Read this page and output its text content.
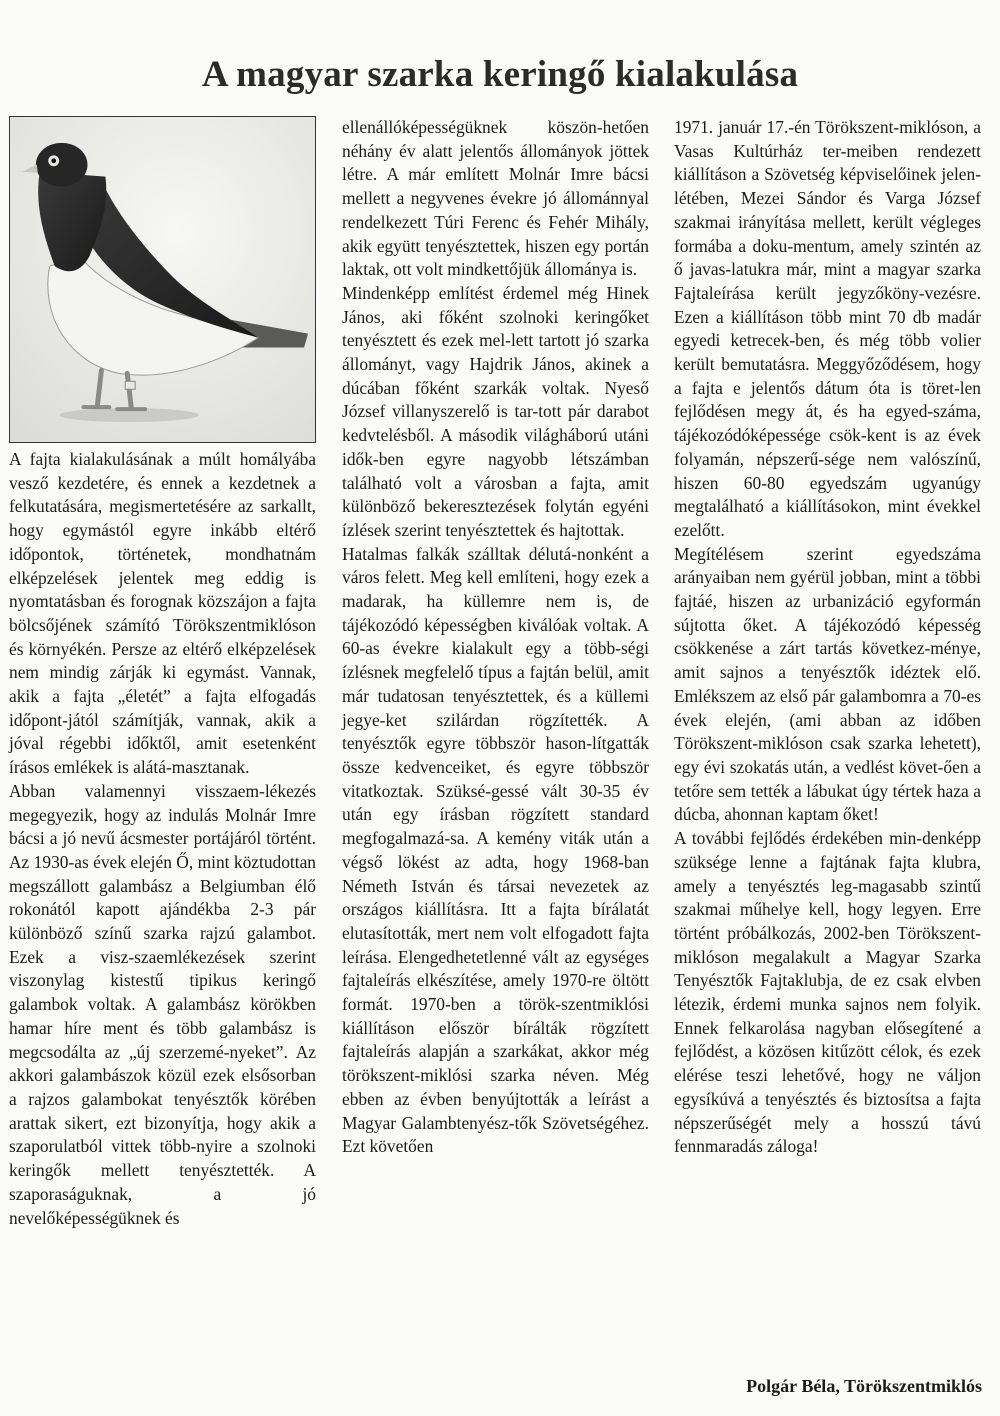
A magyar szarka keringő kialakulása

A fajta kialakulásának a múlt homályába vesző kezdetére, és ennek a kezdetnek a felkutatására, megismertetésére az sarkallt, hogy egymástól egyre inkább eltérő időpontok, történetek, mondhatnám elképzelések jelentek meg eddig is nyomtatásban és forognak közszájon a fajta bölcsőjének számító Törökszentmiklóson és környékén. Persze az eltérő elképzelések nem mindig zárják ki egymást. Vannak, akik a fajta „életét” a fajta elfogadás időpont-jától számítják, vannak, akik a jóval régebbi időktől, amit esetenként írásos emlékek is alátá-masztanak.

Abban valamennyi visszaem-lékezés megegyezik, hogy az indulás Molnár Imre bácsi a jó nevű ácsmester portájáról történt. Az 1930-as évek elején Ő, mint köztudottan megszállott galambász a Belgiumban élő rokonától kapott ajándékba 2-3 pár különböző színű szarka rajzú galambot. Ezek a visz-szaemlékezések szerint viszonylag kistestű tipikus keringő galambok voltak. A galambász körökben hamar híre ment és több galambász is megcsodálta az „új szerzemé-nyeket”. Az akkori galambászok közül ezek elsősorban a rajzos galambokat tenyésztők körében arattak sikert, ezt bizonyítja, hogy akik a szaporulatból vittek több-nyire a szolnoki keringők mellett tenyésztették. A szaporaságuknak, a jó nevelőképességüknek és

ellenállóképességüknek köszön-hetően néhány év alatt jelentős állományok jöttek létre. A már említett Molnár Imre bácsi mellett a negyvenes évekre jó állománnyal rendelkezett Túri Ferenc és Fehér Mihály, akik együtt tenyésztettek, hiszen egy portán laktak, ott volt mindkettőjük állománya is.

Mindenképp említést érdemel még Hinek János, aki főként szolnoki keringőket tenyésztett és ezek mel-lett tartott jó szarka állományt, vagy Hajdrik János, akinek a dúcában főként szarkák voltak. Nyeső József villanyszerelő is tar-tott pár darabot kedvtelésből. A második világháború utáni idők-ben egyre nagyobb létszámban található volt a városban a fajta, amit különböző bekeresztezések folytán egyéni ízlések szerint tenyésztettek és hajtottak.

Hatalmas falkák szálltak délutá-nonként a város felett. Meg kell említeni, hogy ezek a madarak, ha küllemre nem is, de tájékozódó képességben kiválóak voltak. A 60-as évekre kialakult egy a több-ségi ízlésnek megfelelő típus a fajtán belül, amit már tudatosan tenyésztettek, és a küllemi jegye-ket szilárdan rögzítették. A tenyésztők egyre többször hason-lítgatták össze kedvenceiket, és egyre többször vitatkoztak. Szüksé-gessé vált 30-35 év után egy írásban rögzített standard megfogalmazá-sa. A kemény viták után a végső lökést az adta, hogy 1968-ban Németh István és társai nevezetek az országos kiállításra. Itt a fajta bírálatát elutasították, mert nem volt elfogadott fajta leírása. Elengedhetetlenné vált az egységes fajtaleírás elkészítése, amely 1970-re öltött formát. 1970-ben a török-szentmiklósi kiállításon először bírálták rögzített fajtaleírás alapján a szarkákat, akkor még törökszent-miklósi szarka néven. Még ebben az évben benyújtották a leírást a Magyar Galambtenyész-tők Szövetségéhez. Ezt követően

1971. január 17.-én Törökszent-miklóson, a Vasas Kultúrház ter-meiben rendezett kiállításon a Szövetség képviselőinek jelen-létében, Mezei Sándor és Varga József szakmai irányítása mellett, került végleges formába a doku-mentum, amely szintén az ő javas-latukra már, mint a magyar szarka Fajtaleírása került jegyzőköny-vezésre. Ezen a kiállításon több mint 70 db madár egyedi ketrecek-ben, és még több volier került bemutatásra. Meggyőződésem, hogy a fajta e jelentős dátum óta is töret-len fejlődésen megy át, és ha egyed-száma, tájékozódóképessége csök-kent is az évek folyamán, népszerű-sége nem valószínű, hiszen 60-80 egyedszám ugyanúgy megtalálható a kiállításokon, mint évekkel ezelőtt.

Megítélésem szerint egyedszáma arányaiban nem gyérül jobban, mint a többi fajtáé, hiszen az urbanizáció egyformán sújtotta őket. A tájékozódó képesség csökkenése a zárt tartás következ-ménye, amit sajnos a tenyésztők idéztek elő. Emlékszem az első pár galambomra a 70-es évek elején, (ami abban az időben Törökszent-miklóson csak szarka lehetett), egy évi szokatás után, a vedlést követ-ően a tetőre sem tették a lábukat úgy tértek haza a dúcba, ahonnan kaptam őket!

A további fejlődés érdekében min-denképp szüksége lenne a fajtának fajta klubra, amely a tenyésztés leg-magasabb szintű szakmai műhelye kell, hogy legyen. Erre történt próbálkozás, 2002-ben Törökszent-miklóson megalakult a Magyar Szarka Tenyésztők Fajtaklubja, de ez csak elvben létezik, érdemi munka sajnos nem folyik. Ennek felkarolása nagyban elősegítené a fejlődést, a közösen kitűzött célok, és ezek elérése teszi lehetővé, hogy ne váljon egysíkúvá a tenyésztés és biztosítsa a fajta népszerűségét mely a hosszú távú fennmaradás záloga!

Polgár Béla, Törökszentmiklós
